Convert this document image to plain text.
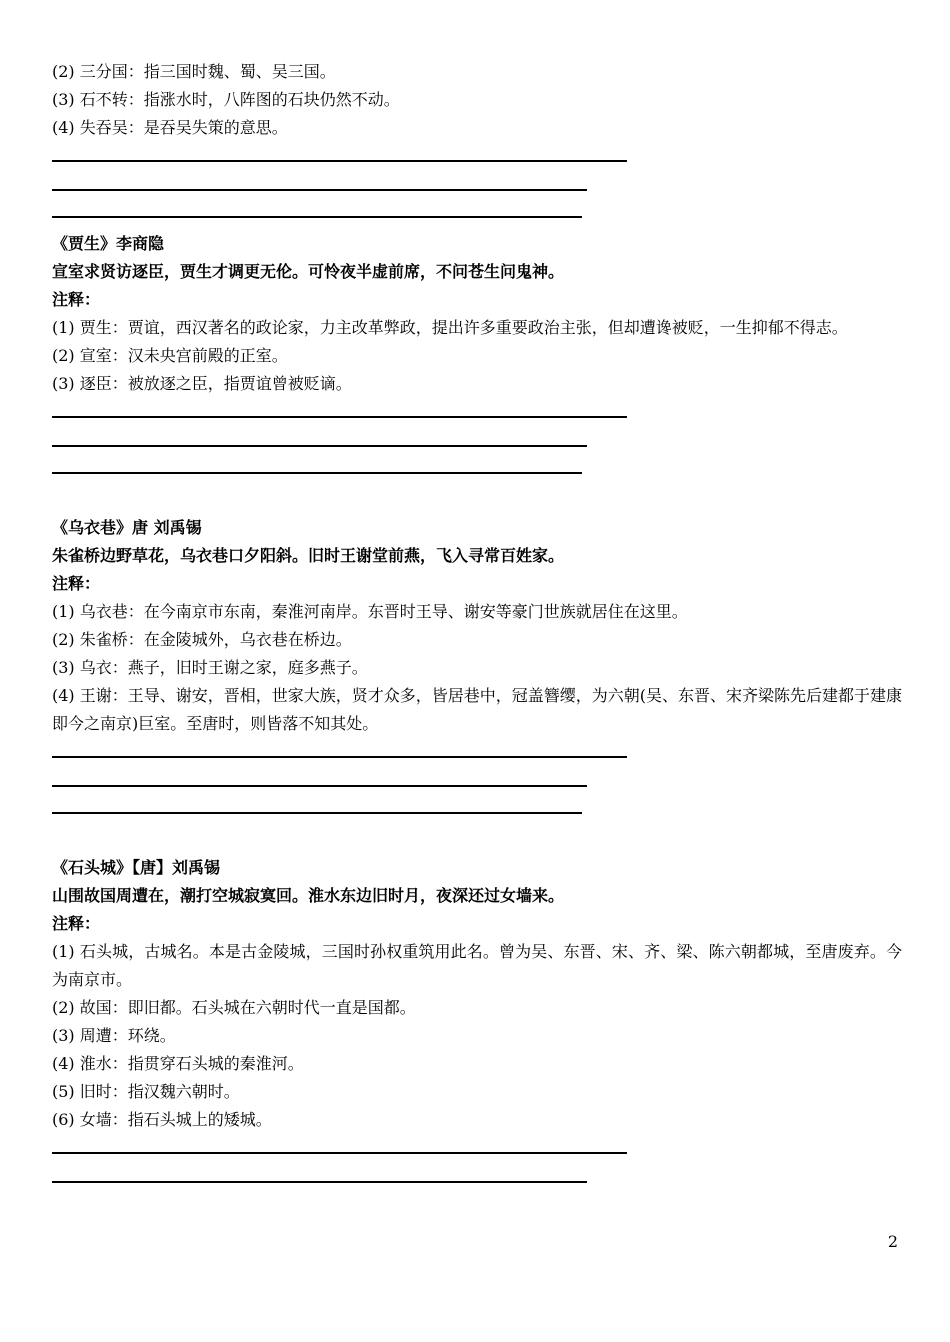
(2) 三分国：指三国时魏、蜀、吴三国。
(3) 石不转：指涨水时，八阵图的石块仍然不动。
(4) 失吞吴：是吞吴失策的意思。
《贾生》李商隐
宣室求贤访逐臣，贾生才调更无伦。可怜夜半虚前席，不问苍生问鬼神。
注释：
(1) 贾生：贾谊，西汉著名的政论家，力主改革弊政，提出许多重要政治主张，但却遭谗被贬，一生抑郁不得志。
(2) 宣室：汉未央宫前殿的正室。
(3) 逐臣：被放逐之臣，指贾谊曾被贬谪。
《乌衣巷》唐 刘禹锡
朱雀桥边野草花，乌衣巷口夕阳斜。旧时王谢堂前燕，飞入寻常百姓家。
注释：
(1) 乌衣巷：在今南京市东南，秦淮河南岸。东晋时王导、谢安等豪门世族就居住在这里。
(2) 朱雀桥：在金陵城外，乌衣巷在桥边。
(3) 乌衣：燕子，旧时王谢之家，庭多燕子。
(4) 王谢：王导、谢安，晋相，世家大族，贤才众多，皆居巷中，冠盖簪缨，为六朝(吴、东晋、宋齐梁陈先后建都于建康即今之南京)巨室。至唐时，则皆落不知其处。
《石头城》【唐】刘禹锡
山围故国周遭在，潮打空城寂寞回。淮水东边旧时月，夜深还过女墙来。
注释：
(1) 石头城，古城名。本是古金陵城，三国时孙权重筑用此名。曾为吴、东晋、宋、齐、梁、陈六朝都城，至唐废弃。今为南京市。
(2) 故国：即旧都。石头城在六朝时代一直是国都。
(3) 周遭：环绕。
(4) 淮水：指贯穿石头城的秦淮河。
(5) 旧时：指汉魏六朝时。
(6) 女墙：指石头城上的矮城。
2
